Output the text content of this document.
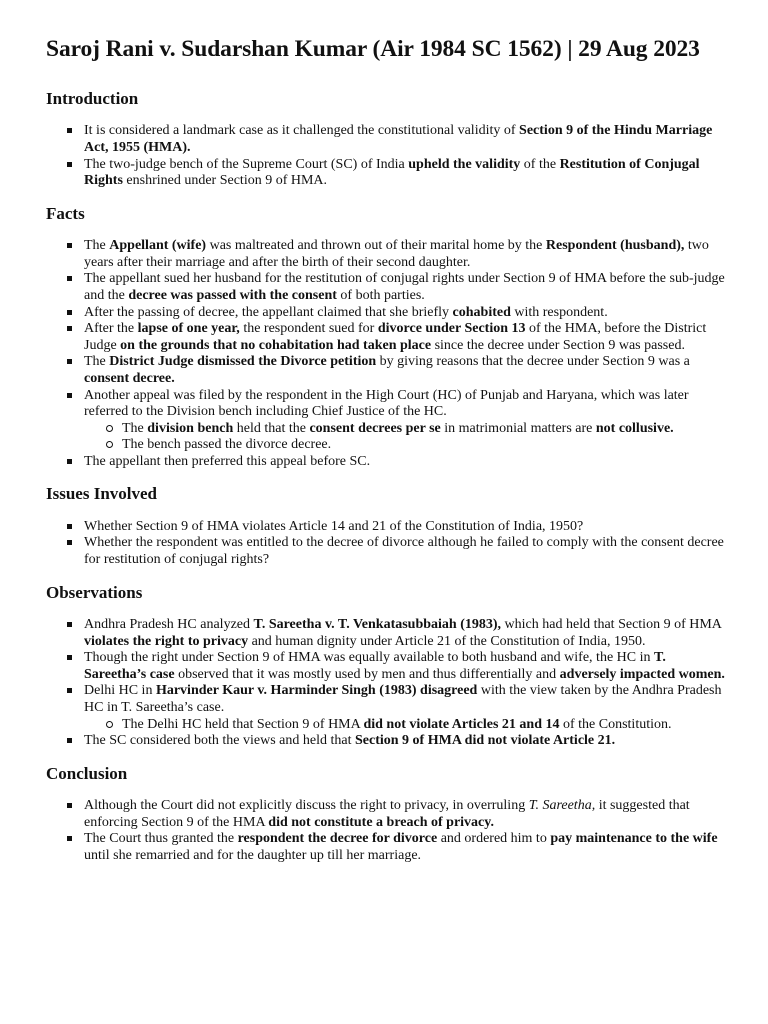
Saroj Rani v. Sudarshan Kumar (Air 1984 SC 1562) | 29 Aug 2023
Introduction
It is considered a landmark case as it challenged the constitutional validity of Section 9 of the Hindu Marriage Act, 1955 (HMA).
The two-judge bench of the Supreme Court (SC) of India upheld the validity of the Restitution of Conjugal Rights enshrined under Section 9 of HMA.
Facts
The Appellant (wife) was maltreated and thrown out of their marital home by the Respondent (husband), two years after their marriage and after the birth of their second daughter.
The appellant sued her husband for the restitution of conjugal rights under Section 9 of HMA before the sub-judge and the decree was passed with the consent of both parties.
After the passing of decree, the appellant claimed that she briefly cohabited with respondent.
After the lapse of one year, the respondent sued for divorce under Section 13 of the HMA, before the District Judge on the grounds that no cohabitation had taken place since the decree under Section 9 was passed.
The District Judge dismissed the Divorce petition by giving reasons that the decree under Section 9 was a consent decree.
Another appeal was filed by the respondent in the High Court (HC) of Punjab and Haryana, which was later referred to the Division bench including Chief Justice of the HC.
The division bench held that the consent decrees per se in matrimonial matters are not collusive.
The bench passed the divorce decree.
The appellant then preferred this appeal before SC.
Issues Involved
Whether Section 9 of HMA violates Article 14 and 21 of the Constitution of India, 1950?
Whether the respondent was entitled to the decree of divorce although he failed to comply with the consent decree for restitution of conjugal rights?
Observations
Andhra Pradesh HC analyzed T. Sareetha v. T. Venkatasubbaiah (1983), which had held that Section 9 of HMA violates the right to privacy and human dignity under Article 21 of the Constitution of India, 1950.
Though the right under Section 9 of HMA was equally available to both husband and wife, the HC in T. Sareetha’s case observed that it was mostly used by men and thus differentially and adversely impacted women.
Delhi HC in Harvinder Kaur v. Harminder Singh (1983) disagreed with the view taken by the Andhra Pradesh HC in T. Sareetha’s case.
The Delhi HC held that Section 9 of HMA did not violate Articles 21 and 14 of the Constitution.
The SC considered both the views and held that Section 9 of HMA did not violate Article 21.
Conclusion
Although the Court did not explicitly discuss the right to privacy, in overruling T. Sareetha, it suggested that enforcing Section 9 of the HMA did not constitute a breach of privacy.
The Court thus granted the respondent the decree for divorce and ordered him to pay maintenance to the wife until she remarried and for the daughter up till her marriage.
